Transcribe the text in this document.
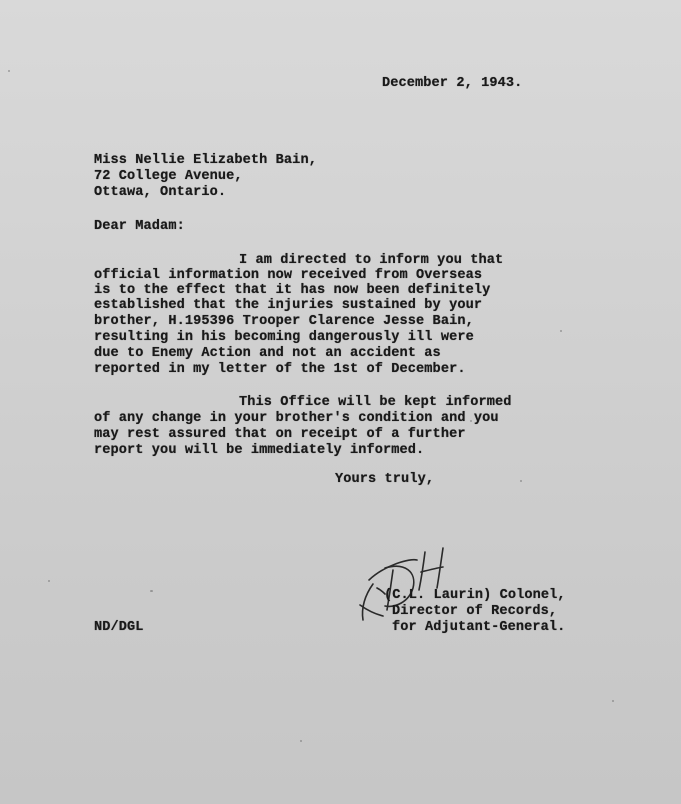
December 2, 1943.
Miss Nellie Elizabeth Bain,
72 College Avenue,
Ottawa, Ontario.
Dear Madam:
I am directed to inform you that
official information now received from Overseas
is to the effect that it has now been definitely
established that the injuries sustained by your
brother, H.195396 Trooper Clarence Jesse Bain,
resulting in his becoming dangerously ill were
due to Enemy Action and not an accident as
reported in my letter of the 1st of December.
This Office will be kept informed
of any change in your brother's condition and you
may rest assured that on receipt of a further
report you will be immediately informed.
Yours truly,
(C.L. Laurin) Colonel,
Director of Records,
for Adjutant-General.
ND/DGL
